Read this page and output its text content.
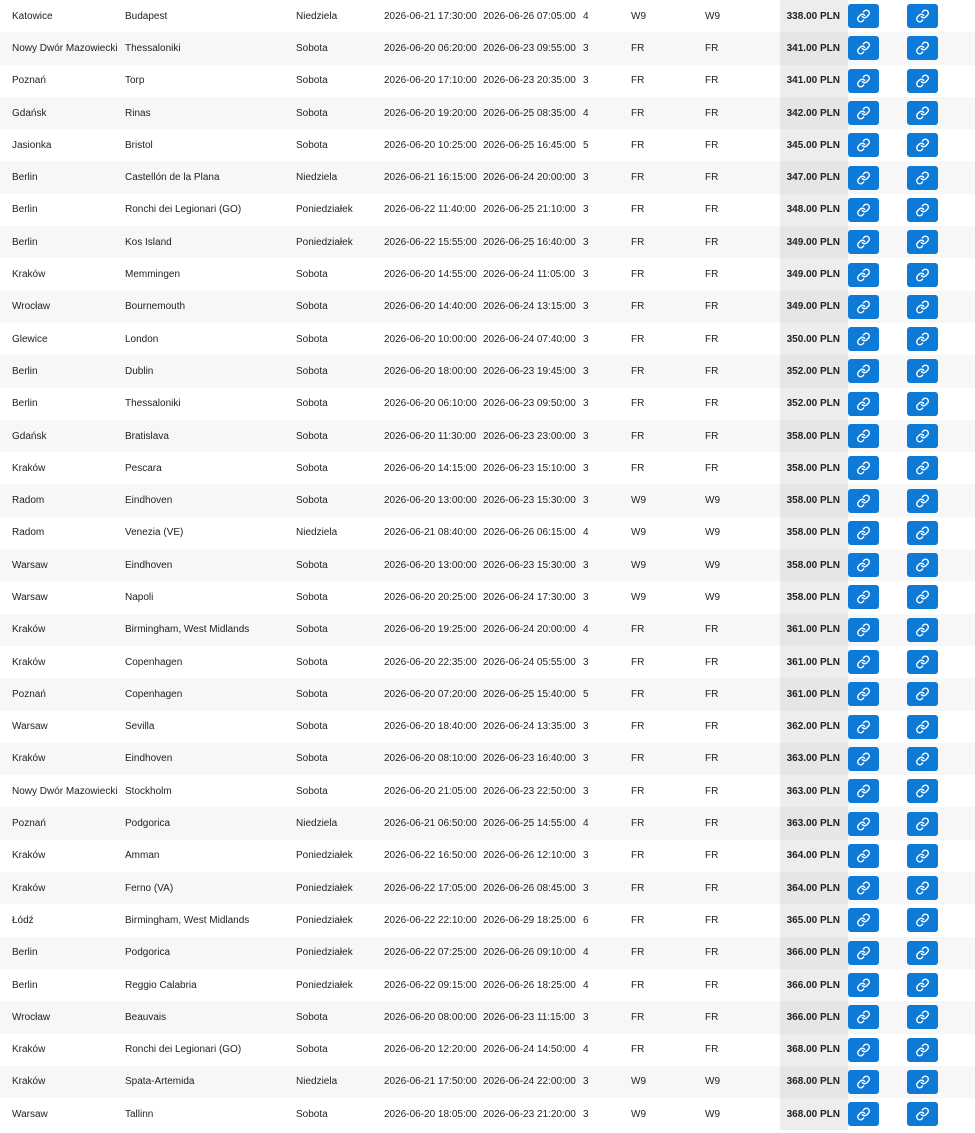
Katowice	Budapest	Niedziela	2026-06-21 17:30:00	2026-06-26 07:05:00	4	W9	W9	338.00 PLN	

Nowy Dwór Mazowiecki	Thessaloniki	Sobota	2026-06-20 06:20:00	2026-06-23 09:55:00	3	FR	FR	341.00 PLN	

Poznań	Torp	Sobota	2026-06-20 17:10:00	2026-06-23 20:35:00	3	FR	FR	341.00 PLN	

Gdańsk	Rinas	Sobota	2026-06-20 19:20:00	2026-06-25 08:35:00	4	FR	FR	342.00 PLN	

Jasionka	Bristol	Sobota	2026-06-20 10:25:00	2026-06-25 16:45:00	5	FR	FR	345.00 PLN	

Berlin	Castellón de la Plana	Niedziela	2026-06-21 16:15:00	2026-06-24 20:00:00	3	FR	FR	347.00 PLN	

Berlin	Ronchi dei Legionari (GO)	Poniedziałek	2026-06-22 11:40:00	2026-06-25 21:10:00	3	FR	FR	348.00 PLN	

Berlin	Kos Island	Poniedziałek	2026-06-22 15:55:00	2026-06-25 16:40:00	3	FR	FR	349.00 PLN	

Kraków	Memmingen	Sobota	2026-06-20 14:55:00	2026-06-24 11:05:00	3	FR	FR	349.00 PLN	

Wrocław	Bournemouth	Sobota	2026-06-20 14:40:00	2026-06-24 13:15:00	3	FR	FR	349.00 PLN	

Glewice	London	Sobota	2026-06-20 10:00:00	2026-06-24 07:40:00	3	FR	FR	350.00 PLN	

Berlin	Dublin	Sobota	2026-06-20 18:00:00	2026-06-23 19:45:00	3	FR	FR	352.00 PLN	

Berlin	Thessaloniki	Sobota	2026-06-20 06:10:00	2026-06-23 09:50:00	3	FR	FR	352.00 PLN	

Gdańsk	Bratislava	Sobota	2026-06-20 11:30:00	2026-06-23 23:00:00	3	FR	FR	358.00 PLN	

Kraków	Pescara	Sobota	2026-06-20 14:15:00	2026-06-23 15:10:00	3	FR	FR	358.00 PLN	

Radom	Eindhoven	Sobota	2026-06-20 13:00:00	2026-06-23 15:30:00	3	W9	W9	358.00 PLN	

Radom	Venezia (VE)	Niedziela	2026-06-21 08:40:00	2026-06-26 06:15:00	4	W9	W9	358.00 PLN	

Warsaw	Eindhoven	Sobota	2026-06-20 13:00:00	2026-06-23 15:30:00	3	W9	W9	358.00 PLN	

Warsaw	Napoli	Sobota	2026-06-20 20:25:00	2026-06-24 17:30:00	3	W9	W9	358.00 PLN	

Kraków	Birmingham, West Midlands	Sobota	2026-06-20 19:25:00	2026-06-24 20:00:00	4	FR	FR	361.00 PLN	

Kraków	Copenhagen	Sobota	2026-06-20 22:35:00	2026-06-24 05:55:00	3	FR	FR	361.00 PLN	

Poznań	Copenhagen	Sobota	2026-06-20 07:20:00	2026-06-25 15:40:00	5	FR	FR	361.00 PLN	

Warsaw	Sevilla	Sobota	2026-06-20 18:40:00	2026-06-24 13:35:00	3	FR	FR	362.00 PLN	

Kraków	Eindhoven	Sobota	2026-06-20 08:10:00	2026-06-23 16:40:00	3	FR	FR	363.00 PLN	

Nowy Dwór Mazowiecki	Stockholm	Sobota	2026-06-20 21:05:00	2026-06-23 22:50:00	3	FR	FR	363.00 PLN	

Poznań	Podgorica	Niedziela	2026-06-21 06:50:00	2026-06-25 14:55:00	4	FR	FR	363.00 PLN	

Kraków	Amman	Poniedziałek	2026-06-22 16:50:00	2026-06-26 12:10:00	3	FR	FR	364.00 PLN	

Kraków	Ferno (VA)	Poniedziałek	2026-06-22 17:05:00	2026-06-26 08:45:00	3	FR	FR	364.00 PLN	

Łódź	Birmingham, West Midlands	Poniedziałek	2026-06-22 22:10:00	2026-06-29 18:25:00	6	FR	FR	365.00 PLN	

Berlin	Podgorica	Poniedziałek	2026-06-22 07:25:00	2026-06-26 09:10:00	4	FR	FR	366.00 PLN	

Berlin	Reggio Calabria	Poniedziałek	2026-06-22 09:15:00	2026-06-26 18:25:00	4	FR	FR	366.00 PLN	

Wrocław	Beauvais	Sobota	2026-06-20 08:00:00	2026-06-23 11:15:00	3	FR	FR	366.00 PLN	

Kraków	Ronchi dei Legionari (GO)	Sobota	2026-06-20 12:20:00	2026-06-24 14:50:00	4	FR	FR	368.00 PLN	

Kraków	Spata-Artemida	Niedziela	2026-06-21 17:50:00	2026-06-24 22:00:00	3	W9	W9	368.00 PLN	

Warsaw	Tallinn	Sobota	2026-06-20 18:05:00	2026-06-23 21:20:00	3	W9	W9	368.00 PLN	
